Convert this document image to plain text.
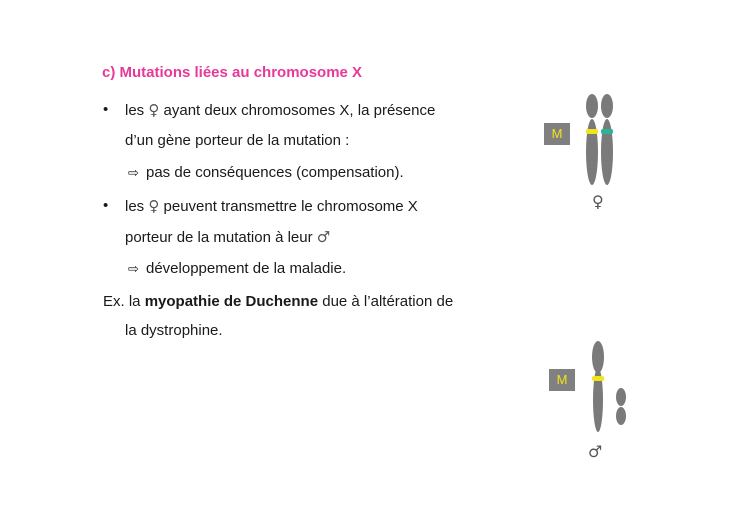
c) Mutations liées au chromosome X
• les ♀ ayant deux chromosomes X, la présence
d’un gène porteur de la mutation :
⇨ pas de conséquences (compensation).
• les ♀ peuvent transmettre le chromosome X
porteur de la mutation à leur ♂
⇨ développement de la maladie.
Ex. la myopathie de Duchenne due à l’altération de
la dystrophine.
M
♀
M
♂
